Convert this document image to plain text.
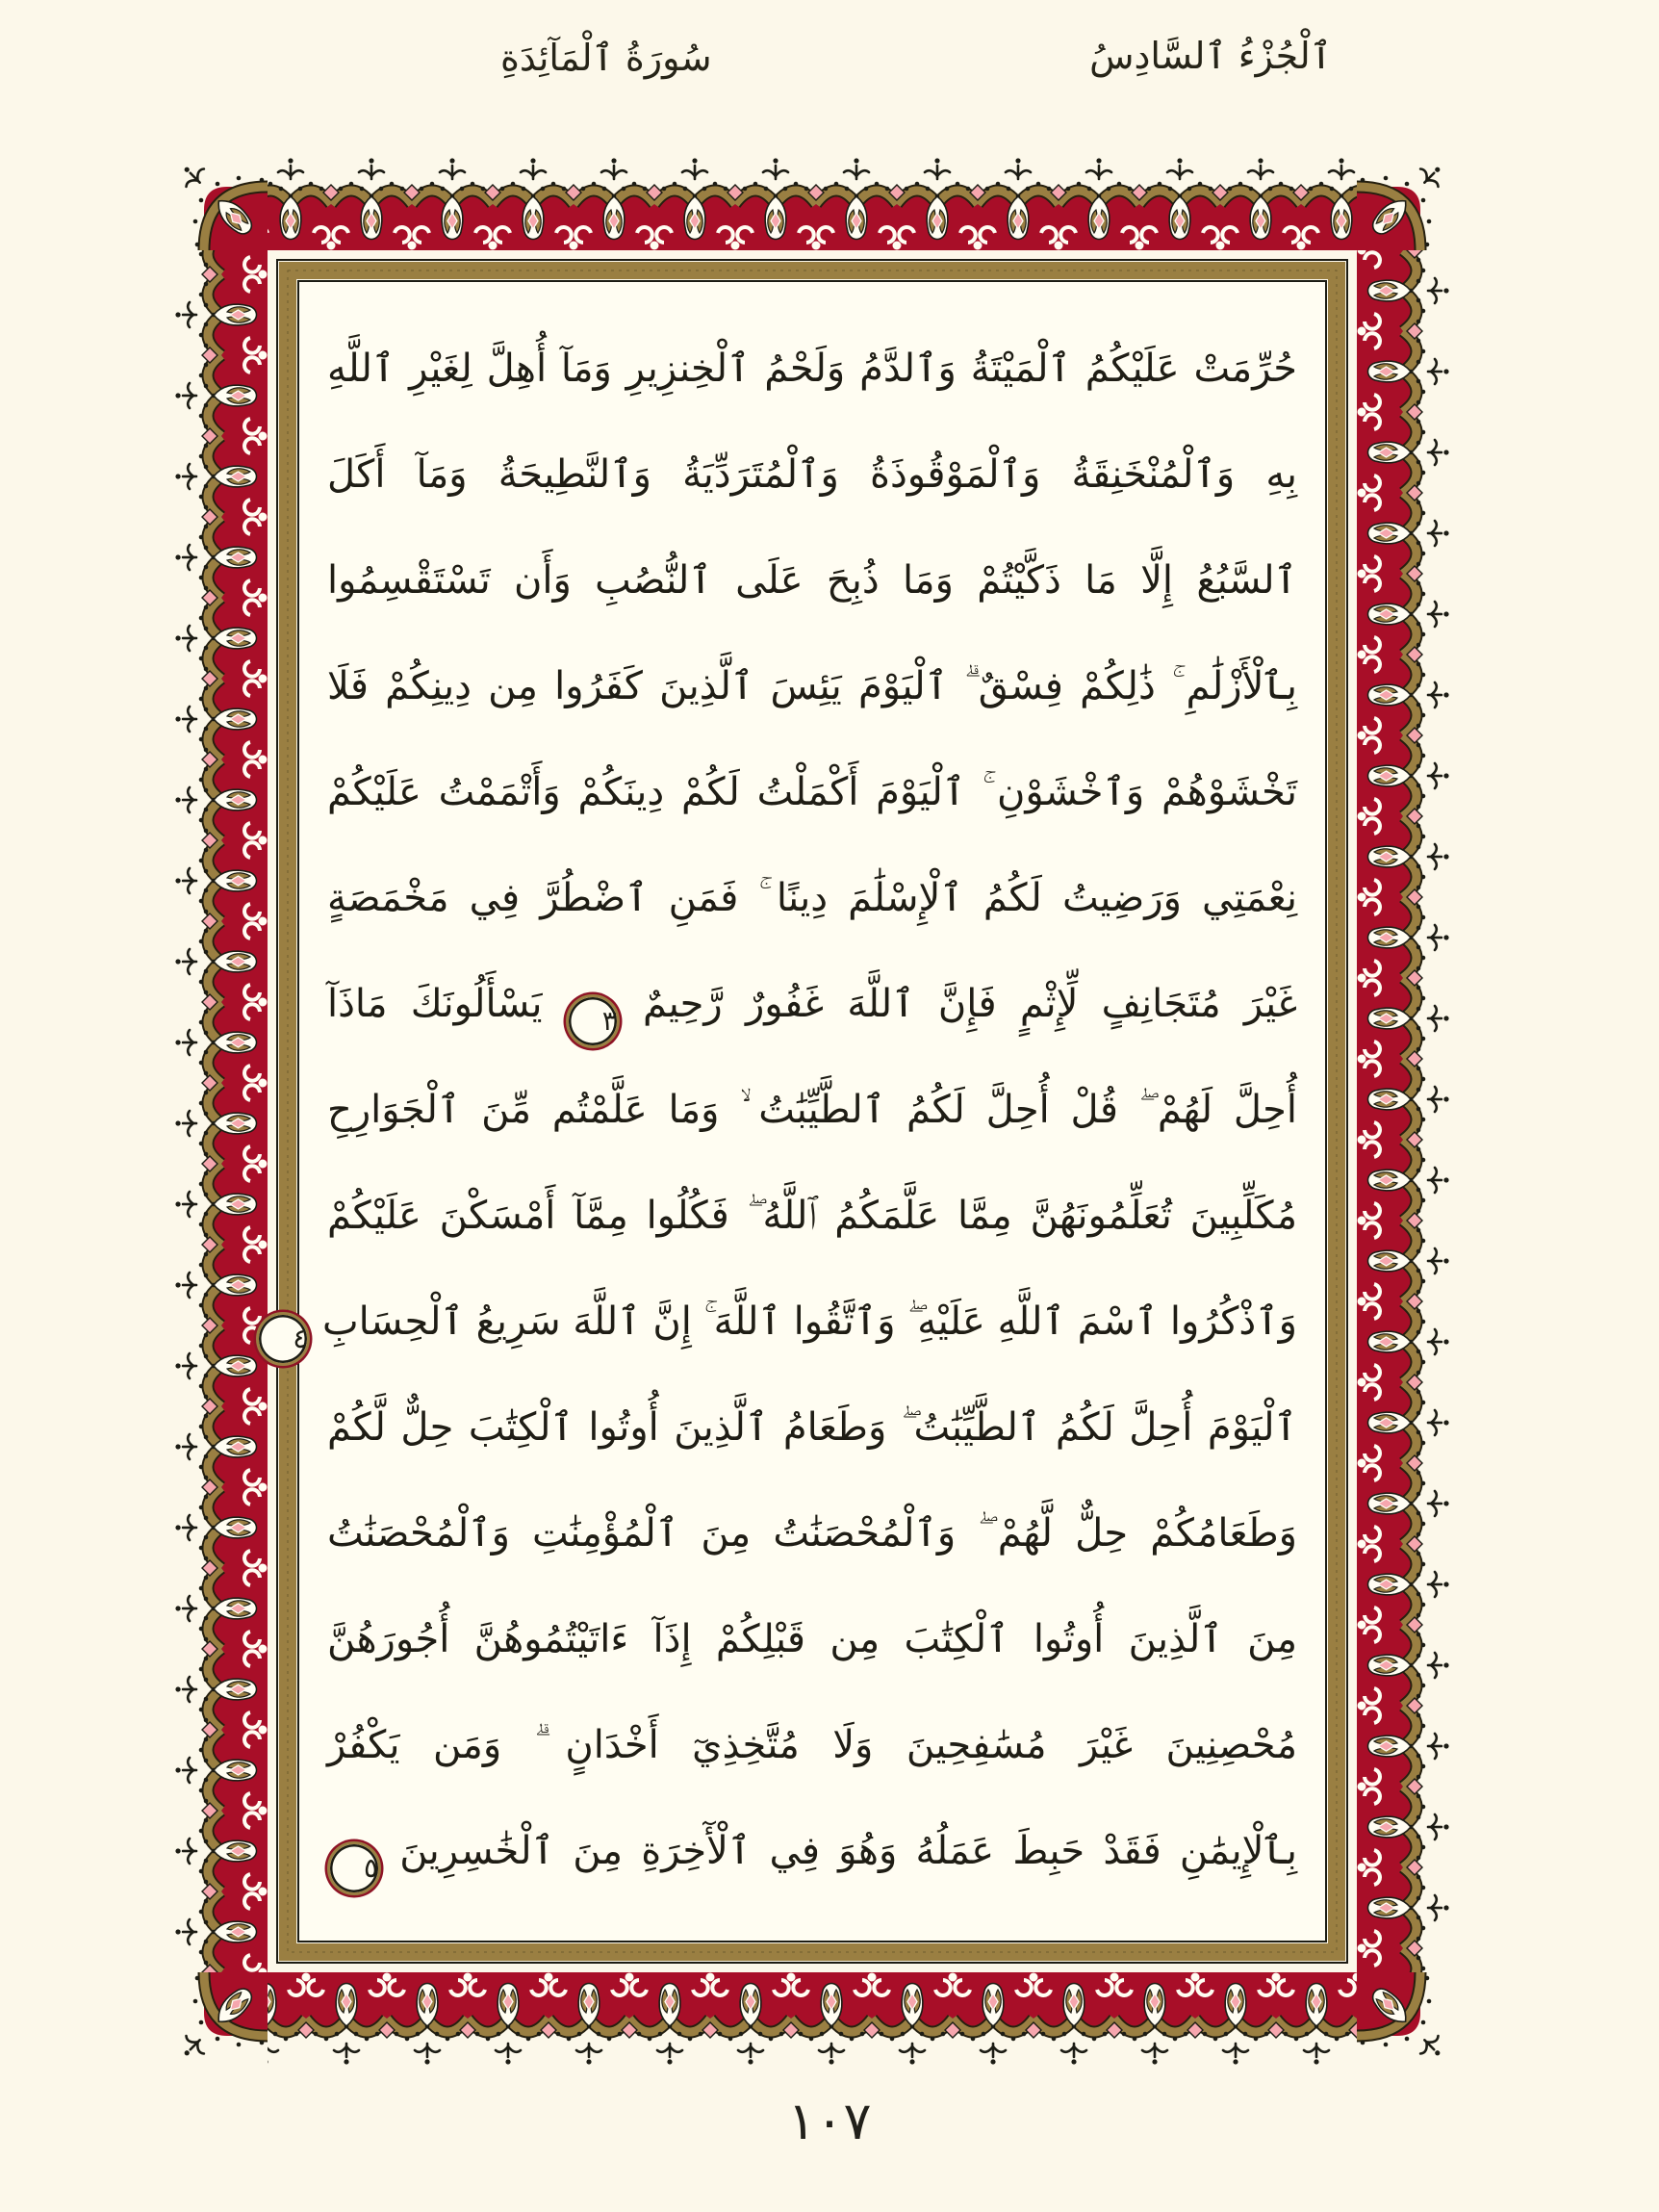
ٱلْجُزْءُ ٱلسَّادِسُ
سُورَةُ ٱلْمَآئِدَةِ
حُرِّمَتْ عَلَيْكُمُ ٱلْمَيْتَةُ وَٱلدَّمُ وَلَحْمُ ٱلْخِنزِيرِ وَمَآ أُهِلَّ لِغَيْرِ ٱللَّهِ
بِهِ وَٱلْمُنْخَنِقَةُ وَٱلْمَوْقُوذَةُ وَٱلْمُتَرَدِّيَةُ وَٱلنَّطِيحَةُ وَمَآ أَكَلَ
ٱلسَّبُعُ إِلَّا مَا ذَكَّيْتُمْ وَمَا ذُبِحَ عَلَى ٱلنُّصُبِ وَأَن تَسْتَقْسِمُوا
بِٱلْأَزْلَٰمِ ۚ ذَٰلِكُمْ فِسْقٌ ۗ ٱلْيَوْمَ يَئِسَ ٱلَّذِينَ كَفَرُوا مِن دِينِكُمْ فَلَا
تَخْشَوْهُمْ وَٱخْشَوْنِ ۚ ٱلْيَوْمَ أَكْمَلْتُ لَكُمْ دِينَكُمْ وَأَتْمَمْتُ عَلَيْكُمْ
نِعْمَتِي وَرَضِيتُ لَكُمُ ٱلْإِسْلَٰمَ دِينًا ۚ فَمَنِ ٱضْطُرَّ فِي مَخْمَصَةٍ
غَيْرَ مُتَجَانِفٍ لِّإِثْمٍ فَإِنَّ ٱللَّهَ غَفُورٌ رَّحِيمٌ ٣ يَسْأَلُونَكَ مَاذَآ
أُحِلَّ لَهُمْ ۖ قُلْ أُحِلَّ لَكُمُ ٱلطَّيِّبَٰتُ ۙ وَمَا عَلَّمْتُم مِّنَ ٱلْجَوَارِحِ
مُكَلِّبِينَ تُعَلِّمُونَهُنَّ مِمَّا عَلَّمَكُمُ ٱللَّهُ ۖ فَكُلُوا مِمَّآ أَمْسَكْنَ عَلَيْكُمْ
وَٱذْكُرُوا ٱسْمَ ٱللَّهِ عَلَيْهِ ۖ وَٱتَّقُوا ٱللَّهَ ۚ إِنَّ ٱللَّهَ سَرِيعُ ٱلْحِسَابِ ٤
ٱلْيَوْمَ أُحِلَّ لَكُمُ ٱلطَّيِّبَٰتُ ۖ وَطَعَامُ ٱلَّذِينَ أُوتُوا ٱلْكِتَٰبَ حِلٌّ لَّكُمْ
وَطَعَامُكُمْ حِلٌّ لَّهُمْ ۖ وَٱلْمُحْصَنَٰتُ مِنَ ٱلْمُؤْمِنَٰتِ وَٱلْمُحْصَنَٰتُ
مِنَ ٱلَّذِينَ أُوتُوا ٱلْكِتَٰبَ مِن قَبْلِكُمْ إِذَآ ءَاتَيْتُمُوهُنَّ أُجُورَهُنَّ
مُحْصِنِينَ غَيْرَ مُسَٰفِحِينَ وَلَا مُتَّخِذِيٓ أَخْدَانٍ ۗ وَمَن يَكْفُرْ
بِٱلْإِيمَٰنِ فَقَدْ حَبِطَ عَمَلُهُ وَهُوَ فِي ٱلْأٓخِرَةِ مِنَ ٱلْخَٰسِرِينَ ٥
١٠٧
